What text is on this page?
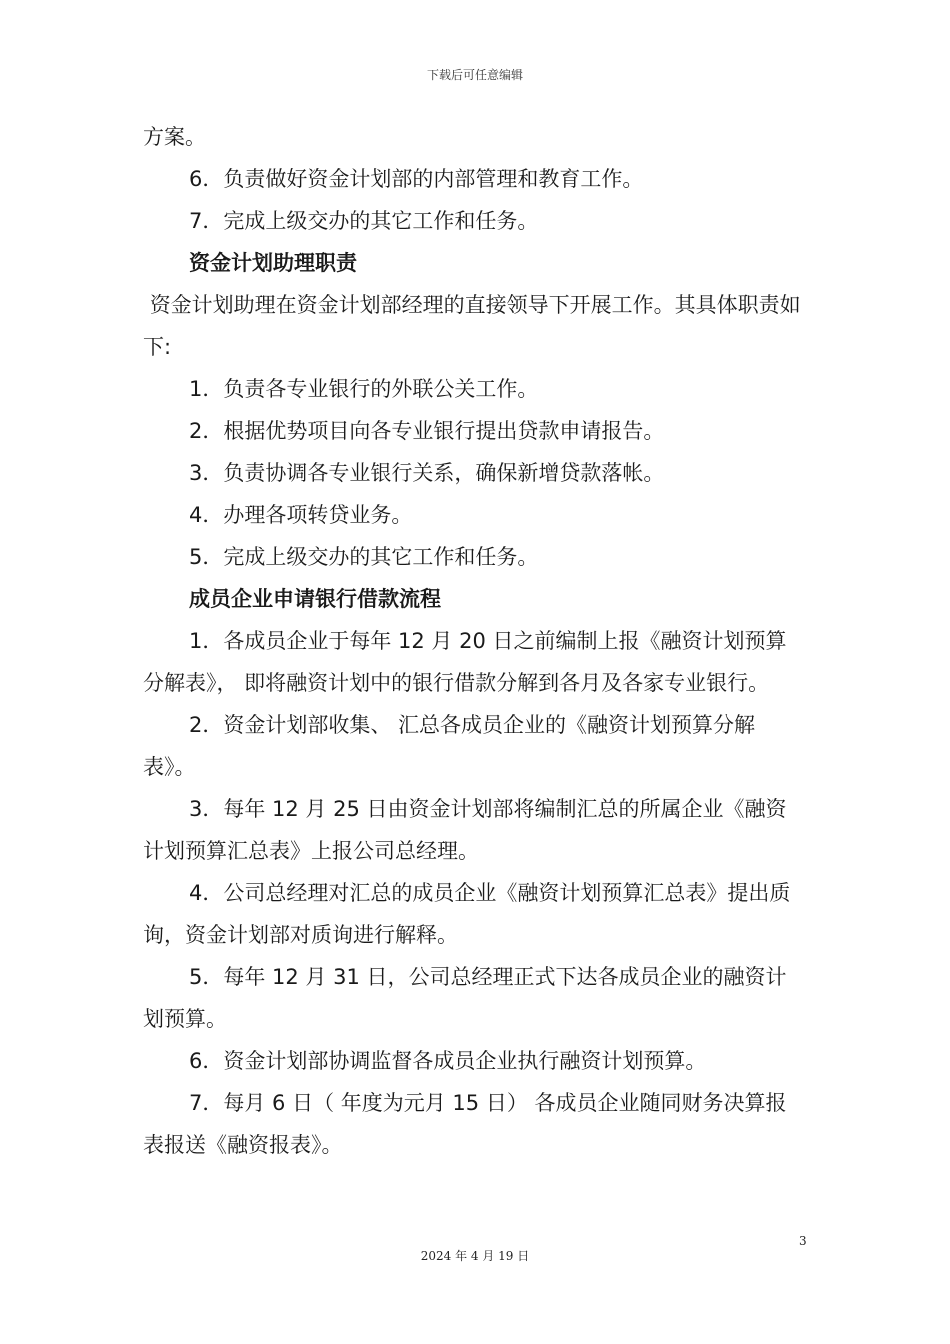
下载后可任意编辑

方案。

6．负责做好资金计划部的内部管理和教育工作。

7．完成上级交办的其它工作和任务。

资金计划助理职责

资金计划助理在资金计划部经理的直接领导下开展工作。其具体职责如下:

1．负责各专业银行的外联公关工作。

2．根据优势项目向各专业银行提出贷款申请报告。

3．负责协调各专业银行关系，确保新增贷款落帐。

4．办理各项转贷业务。

5．完成上级交办的其它工作和任务。

成员企业申请银行借款流程

1．各成员企业于每年 12 月 20 日之前编制上报《融资计划预算分解表》， 即将融资计划中的银行借款分解到各月及各家专业银行。

2．资金计划部收集、 汇总各成员企业的《融资计划预算分解表》。

3．每年 12 月 25 日由资金计划部将编制汇总的所属企业《融资计划预算汇总表》上报公司总经理。

4．公司总经理对汇总的成员企业《融资计划预算汇总表》提出质询，资金计划部对质询进行解释。

5．每年 12 月 31 日，公司总经理正式下达各成员企业的融资计划预算。

6．资金计划部协调监督各成员企业执行融资计划预算。

7．每月 6 日（ 年度为元月 15 日） 各成员企业随同财务决算报表报送《融资报表》。

3
2024 年 4 月 19 日
